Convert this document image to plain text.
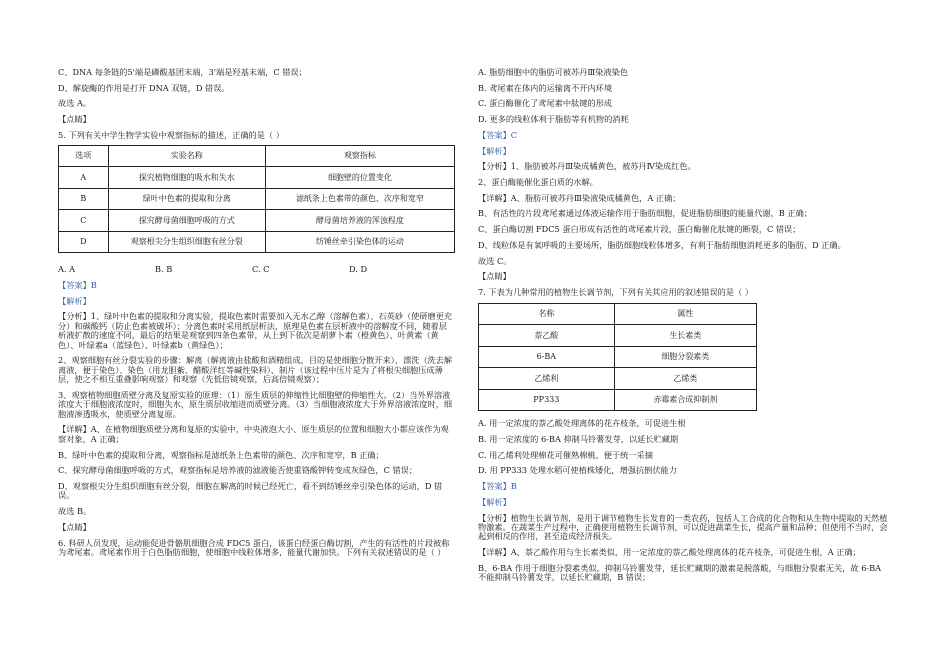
C、DNA 每条链的5'端是磷酸基团末端，3'端是羟基末端，C 错误；

D、解旋酶的作用是打开 DNA 双链，D 错误。

故选 A。

【点睛】

5. 下列有关中学生物学实验中观察指标的描述，正确的是（ ）

选项	实验名称	观察指标
A	探究植物细胞的吸水和失水	细胞壁的位置变化
B	绿叶中色素的提取和分离	滤纸条上色素带的颜色、次序和宽窄
C	探究酵母菌细胞呼吸的方式	酵母菌培养液的浑浊程度
D	观察根尖分生组织细胞有丝分裂	纺锤丝牵引染色体的运动
A. A	B. B	C. C	D. D

【答案】B

【解析】

【分析】1、绿叶中色素的提取和分离实验，提取色素时需要加入无水乙醇（溶解色素）、石英砂（使研磨更充分）和碳酸钙（防止色素被破坏）；分离色素时采用纸层析法，原理是色素在层析液中的溶解度不同，随着层析液扩散的速度不同，最后的结果是观察到四条色素带，从上到下依次是胡萝卜素（橙黄色）、叶黄素（黄色）、叶绿素a（蓝绿色）、叶绿素b（黄绿色）；

2、观察细胞有丝分裂实验的步骤：解离（解离液由盐酸和酒精组成，目的是使细胞分散开来）、漂洗（洗去解离液，便于染色）、染色（用龙胆紫、醋酸洋红等碱性染料）、制片（该过程中压片是为了将根尖细胞压成薄层，使之不相互重叠影响观察）和观察（先低倍镜观察，后高倍镜观察）；

3、观察植物细胞质壁分离及复原实验的原理：（1）原生质层的伸缩性比细胞壁的伸缩性大。（2）当外界溶液浓度大于细胞液浓度时，细胞失水，原生质层收缩进而质壁分离。（3）当细胞液浓度大于外界溶液浓度时，细胞液渗透吸水，使质壁分离复原。

【详解】A、在植物细胞质壁分离和复原的实验中，中央液泡大小、原生质层的位置和细胞大小都应该作为观察对象，A 正确；

B、绿叶中色素的提取和分离，观察指标是滤纸条上色素带的颜色、次序和宽窄，B 正确；

C、探究酵母菌细胞呼吸的方式，观察指标是培养液的滤液能否使重铬酸钾转变成灰绿色，C 错误；

D、观察根尖分生组织细胞有丝分裂，细胞在解离的时候已经死亡，看不到纺锤丝牵引染色体的运动，D 错误。

故选 B。

【点睛】

6. 科研人员发现，运动能促进骨骼肌细胞合成 FDC5 蛋白，该蛋白经蛋白酶切割，产生的有活性的片段被称为鸢尾素。鸢尾素作用于白色脂肪细胞，使细胞中线粒体增多，能量代谢加快。下列有关叙述错误的是（ ）

A. 脂肪细胞中的脂肪可被苏丹Ⅲ染液染色

B. 鸢尾素在体内的运输离不开内环境

C. 蛋白酶催化了鸢尾素中肽键的形成

D. 更多的线粒体利于脂肪等有机物的消耗

【答案】C

【解析】

【分析】1、脂肪被苏丹Ⅲ染成橘黄色，被苏丹Ⅳ染成红色。

2、蛋白酶能催化蛋白质的水解。

【详解】A、脂肪可被苏丹Ⅲ染液染成橘黄色，A 正确；

B、有活性的片段鸢尾素通过体液运输作用于脂肪细胞，促进脂肪细胞的能量代谢，B 正确；

C、蛋白酶切割 FDC5 蛋白形成有活性的鸢尾素片段，蛋白酶催化肽键的断裂，C 错误；

D、线粒体是有氧呼吸的主要场所，脂肪细胞线粒体增多，有利于脂肪细胞消耗更多的脂肪，D 正确。

故选 C。

【点睛】

7. 下表为几种常用的植物生长调节剂，下列有关其应用的叙述错误的是（ ）

名称	属性
萘乙酸	生长素类
6-BA	细胞分裂素类
乙烯利	乙烯类
PP333	赤霉素合成抑制剂

A. 用一定浓度的萘乙酸处理离体的花卉枝条，可促进生根

B. 用一定浓度的 6-BA 抑制马铃薯发芽，以延长贮藏期

C. 用乙烯利处理棉花可催熟棉桃，便于统一采摘

D. 用 PP333 处理水稻可使植株矮化，增强抗倒伏能力

【答案】B

【解析】

【分析】植物生长调节剂，是用于调节植物生长发育的一类农药，包括人工合成的化合物和从生物中提取的天然植物激素。在蔬菜生产过程中，正确使用植物生长调节剂，可以促进蔬菜生长，提高产量和品种；但使用不当时，会起到相反的作用，甚至造成经济损失。

【详解】A、萘乙酸作用与生长素类似，用一定浓度的萘乙酸处理离体的花卉枝条，可促进生根，A 正确；

B、6-BA 作用于细胞分裂素类似，抑制马铃薯发芽，延长贮藏期的激素是脱落酸，与细胞分裂素无关，故 6-BA 不能抑制马铃薯发芽，以延长贮藏期，B 错误；
